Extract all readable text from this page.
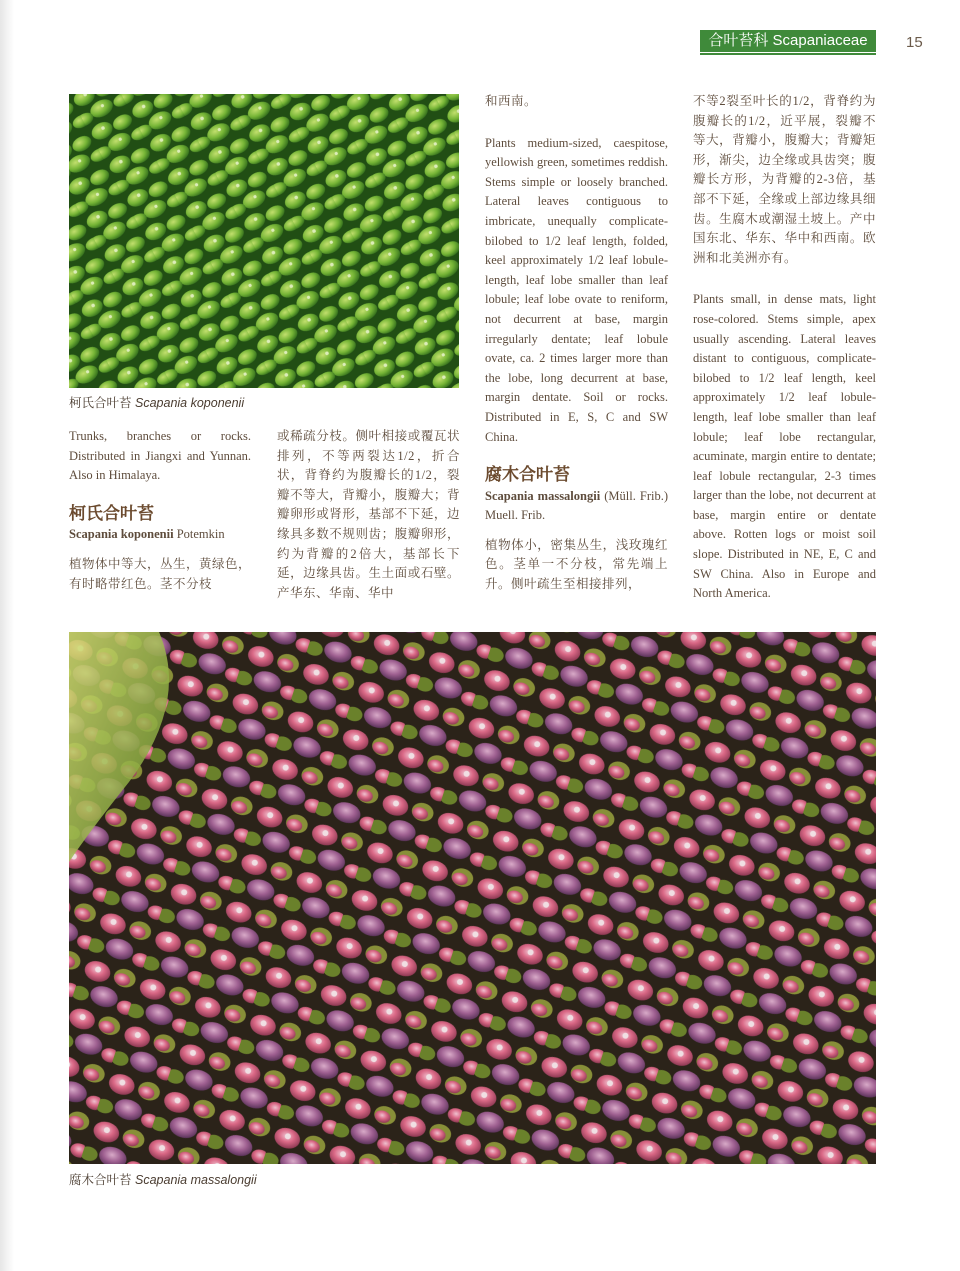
合叶苔科 Scapaniaceae	15
柯氏合叶苔 Scapania koponenii

Trunks, branches or rocks. Distributed in Jiangxi and Yunnan. Also in Himalaya.

柯氏合叶苔
Scapania koponenii Potemkin

植物体中等大，丛生，黄绿色，有时略带红色。茎不分枝

或稀疏分枝。侧叶相接或覆瓦状排列，不等两裂达1/2，折合状，背脊约为腹瓣长的1/2，裂瓣不等大，背瓣小，腹瓣大；背瓣卵形或肾形，基部不下延，边缘具多数不规则齿；腹瓣卵形，约为背瓣的2倍大，基部长下延，边缘具齿。生土面或石壁。产华东、华南、华中

和西南。

Plants medium-sized, caespitose, yellowish green, sometimes reddish. Stems simple or loosely branched. Lateral leaves contiguous to imbricate, unequally complicate-bilobed to 1/2 leaf length, folded, keel approximately 1/2 leaf lobule-length, leaf lobe smaller than leaf lobule; leaf lobe ovate to reniform, not decurrent at base, margin irregularly dentate; leaf lobule ovate, ca. 2 times larger more than the lobe, long decurrent at base, margin dentate. Soil or rocks. Distributed in E, S, C and SW China.

腐木合叶苔
Scapania massalongii (Müll. Frib.) Muell. Frib.

植物体小，密集丛生，浅玫瑰红色。茎单一不分枝，常先端上升。侧叶疏生至相接排列，

不等2裂至叶长的1/2，背脊约为腹瓣长的1/2，近平展，裂瓣不等大，背瓣小，腹瓣大；背瓣矩形，渐尖，边全缘或具齿突；腹瓣长方形，为背瓣的2-3倍，基部不下延，全缘或上部边缘具细齿。生腐木或潮湿土坡上。产中国东北、华东、华中和西南。欧洲和北美洲亦有。

Plants small, in dense mats, light rose-colored. Stems simple, apex usually ascending. Lateral leaves distant to contiguous, complicate-bilobed to 1/2 leaf length, keel approximately 1/2 leaf lobule-length, leaf lobe smaller than leaf lobule; leaf lobe rectangular, acuminate, margin entire to dentate; leaf lobule rectangular, 2-3 times larger than the lobe, not decurrent at base, margin entire or dentate above. Rotten logs or moist soil slope. Distributed in NE, E, C and SW China. Also in Europe and North America.

腐木合叶苔 Scapania massalongii
